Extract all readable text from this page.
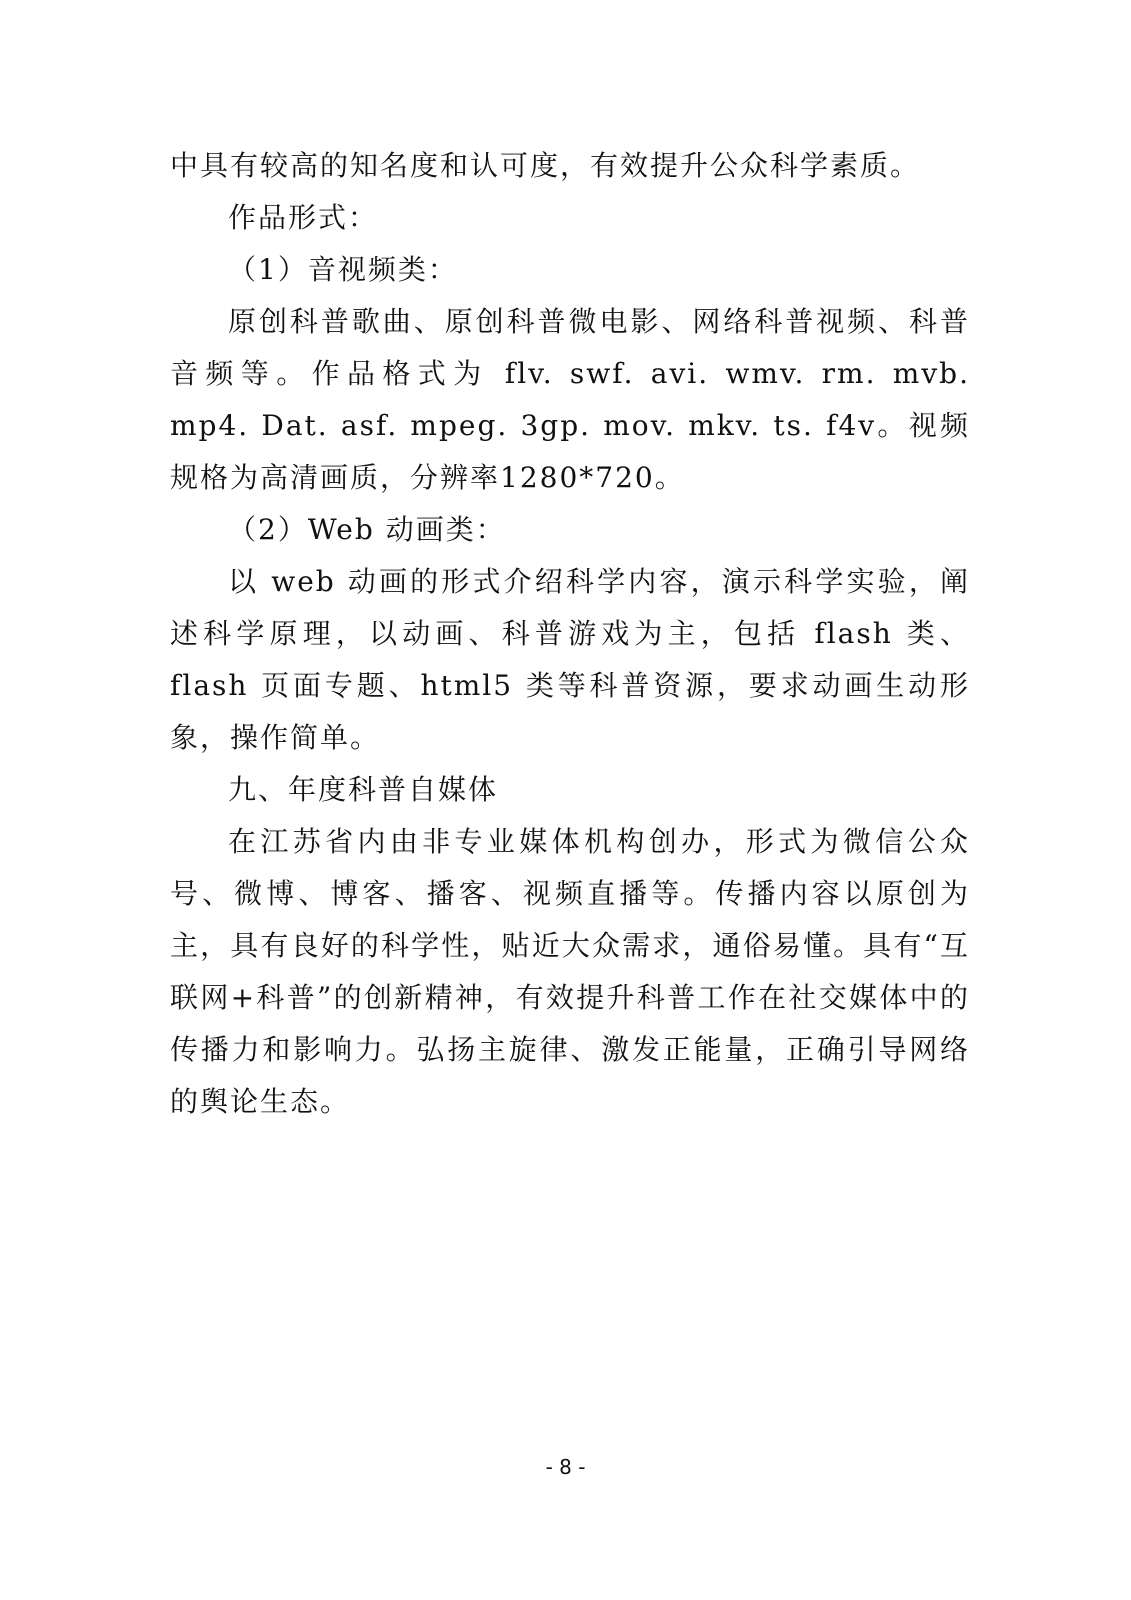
中具有较高的知名度和认可度，有效提升公众科学素质。

作品形式：

（1）音视频类：

原创科普歌曲、原创科普微电影、网络科普视频、科普音频等。作品格式为 flv. swf. avi. wmv. rm. mvb. mp4. Dat. asf. mpeg. 3gp. mov. mkv. ts. f4v。视频规格为高清画质，分辨率1280*720。

（2）Web 动画类：

以 web 动画的形式介绍科学内容，演示科学实验，阐述科学原理，以动画、科普游戏为主，包括 flash 类、flash 页面专题、html5 类等科普资源，要求动画生动形象，操作简单。

九、年度科普自媒体

在江苏省内由非专业媒体机构创办，形式为微信公众号、微博、博客、播客、视频直播等。传播内容以原创为主，具有良好的科学性，贴近大众需求，通俗易懂。具有“互联网+科普”的创新精神，有效提升科普工作在社交媒体中的传播力和影响力。弘扬主旋律、激发正能量，正确引导网络的舆论生态。

- 8 -
